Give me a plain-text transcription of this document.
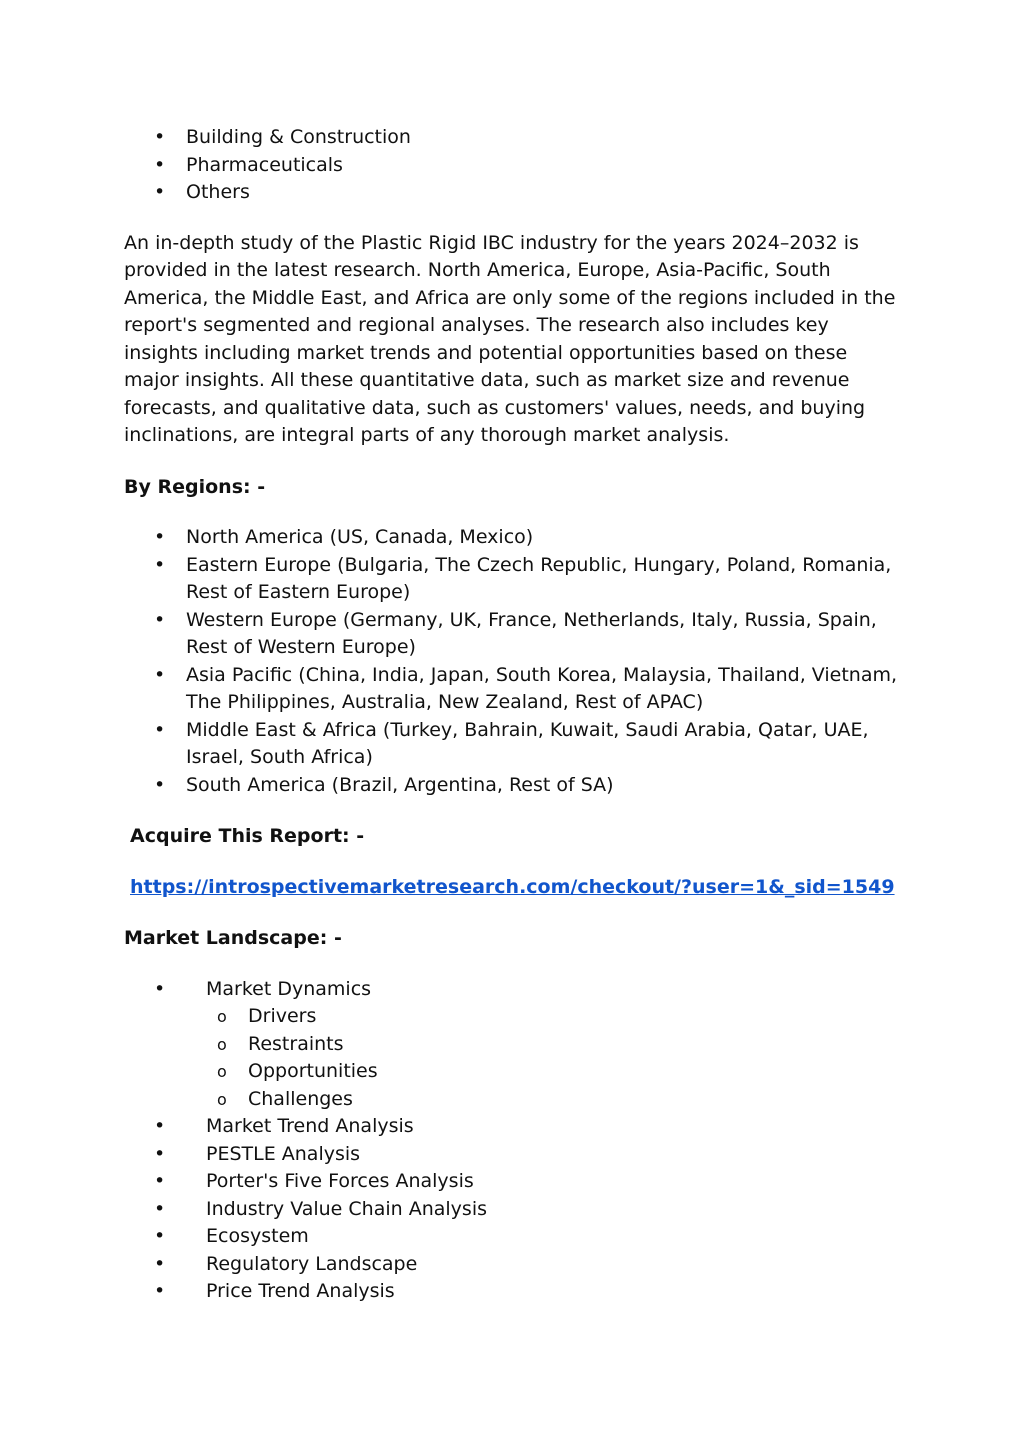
• Building & Construction
• Pharmaceuticals
• Others

An in-depth study of the Plastic Rigid IBC industry for the years 2024–2032 is provided in the latest research. North America, Europe, Asia-Pacific, South America, the Middle East, and Africa are only some of the regions included in the report's segmented and regional analyses. The research also includes key insights including market trends and potential opportunities based on these major insights. All these quantitative data, such as market size and revenue forecasts, and qualitative data, such as customers' values, needs, and buying inclinations, are integral parts of any thorough market analysis.

By Regions: -

• North America (US, Canada, Mexico)
• Eastern Europe (Bulgaria, The Czech Republic, Hungary, Poland, Romania, Rest of Eastern Europe)
• Western Europe (Germany, UK, France, Netherlands, Italy, Russia, Spain, Rest of Western Europe)
• Asia Pacific (China, India, Japan, South Korea, Malaysia, Thailand, Vietnam, The Philippines, Australia, New Zealand, Rest of APAC)
• Middle East & Africa (Turkey, Bahrain, Kuwait, Saudi Arabia, Qatar, UAE, Israel, South Africa)
• South America (Brazil, Argentina, Rest of SA)

Acquire This Report: -

https://introspectivemarketresearch.com/checkout/?user=1&_sid=1549

Market Landscape: -

• Market Dynamics
o Drivers
o Restraints
o Opportunities
o Challenges
• Market Trend Analysis
• PESTLE Analysis
• Porter's Five Forces Analysis
• Industry Value Chain Analysis
• Ecosystem
• Regulatory Landscape
• Price Trend Analysis
